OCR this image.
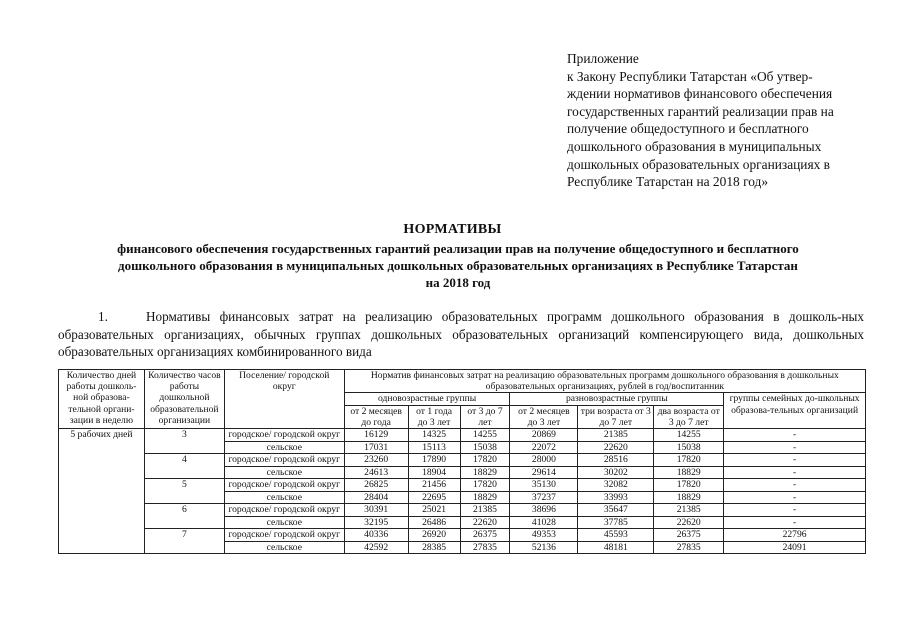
Приложение
к Закону Республики Татарстан «Об утвер-
ждении нормативов финансового обеспечения
государственных гарантий реализации прав на
получение общедоступного и бесплатного
дошкольного образования в муниципальных
дошкольных образовательных организациях в
Республике Татарстан на 2018 год»
НОРМАТИВЫ
финансового обеспечения государственных гарантий реализации прав на получение общедоступного и бесплатного
дошкольного образования в муниципальных дошкольных образовательных организациях в Республике Татарстан
на 2018 год
1.	Нормативы финансовых затрат на реализацию образовательных программ дошкольного образования в дошколь-ных образовательных организациях, обычных группах дошкольных образовательных организаций компенсирующего вида, дошкольных образовательных организациях комбинированного вида
Количество дней работы дошколь-ной образова-тельной органи-зации в неделю	Количество часов работы дошкольной образовательной организации	Поселение/ городской округ	Норматив финансовых затрат на реализацию образовательных программ дошкольного образования в дошкольных образовательных организациях, рублей в год/воспитанник						
			одновозрастные группы			разновозрастные группы			группы семейных до-школьных образова-тельных организаций
			от 2 месяцев до года	от 1 года до 3 лет	от 3 до 7 лет	от 2 месяцев до 3 лет	три возраста от 3 до 7 лет	два возраста от 3 до 7 лет	
5 рабочих дней	3	городское/ городской округ	16129	14325	14255	20869	21385	14255	-
		сельское	17031	15113	15038	22072	22620	15038	-
	4	городское/ городской округ	23260	17890	17820	28000	28516	17820	-
		сельское	24613	18904	18829	29614	30202	18829	-
	5	городское/ городской округ	26825	21456	17820	35130	32082	17820	-
		сельское	28404	22695	18829	37237	33993	18829	-
	6	городское/ городской округ	30391	25021	21385	38696	35647	21385	-
		сельское	32195	26486	22620	41028	37785	22620	-
	7	городское/ городской округ	40336	26920	26375	49353	45593	26375	22796
		сельское	42592	28385	27835	52136	48181	27835	24091
